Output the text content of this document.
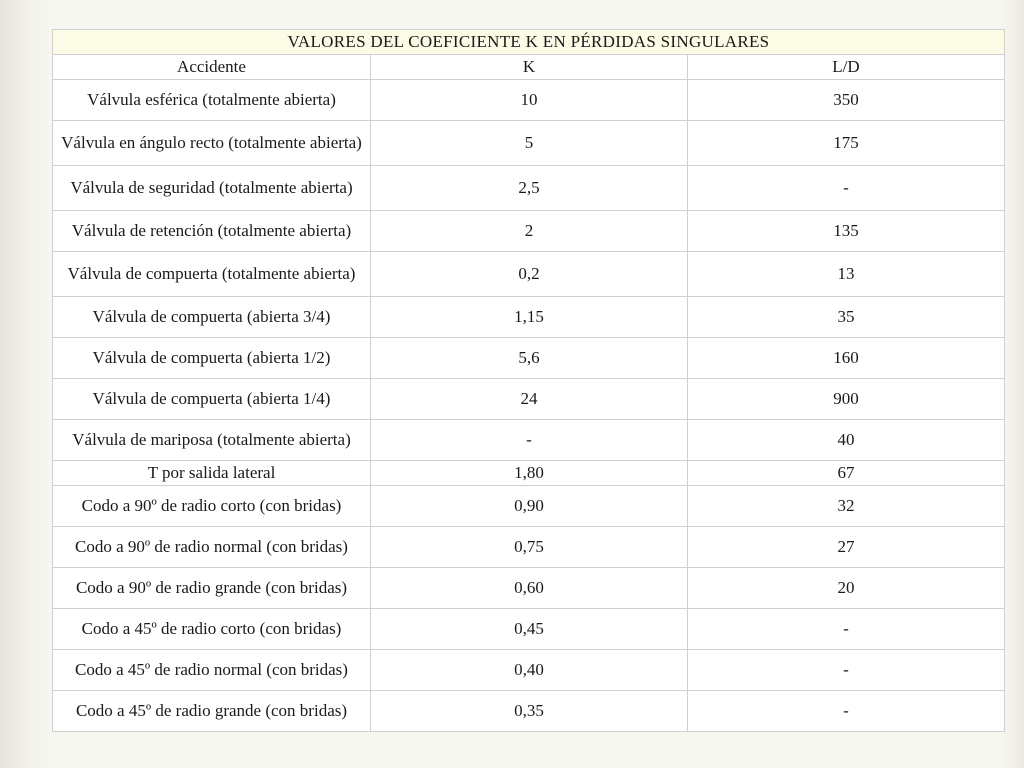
VALORES DEL COEFICIENTE K EN PÉRDIDAS SINGULARES		
Accidente	K	L/D
Válvula esférica (totalmente abierta)	10	350
Válvula en ángulo recto (totalmente abierta)	5	175
Válvula de seguridad (totalmente abierta)	2,5	-
Válvula de retención (totalmente abierta)	2	135
Válvula de compuerta (totalmente abierta)	0,2	13
Válvula de compuerta (abierta 3/4)	1,15	35
Válvula de compuerta (abierta 1/2)	5,6	160
Válvula de compuerta (abierta 1/4)	24	900
Válvula de mariposa (totalmente abierta)	-	40
T por salida lateral	1,80	67
Codo a 90º de radio corto (con bridas)	0,90	32
Codo a 90º de radio normal (con bridas)	0,75	27
Codo a 90º de radio grande (con bridas)	0,60	20
Codo a 45º de radio corto (con bridas)	0,45	-
Codo a 45º de radio normal (con bridas)	0,40	-
Codo a 45º de radio grande (con bridas)	0,35	-
